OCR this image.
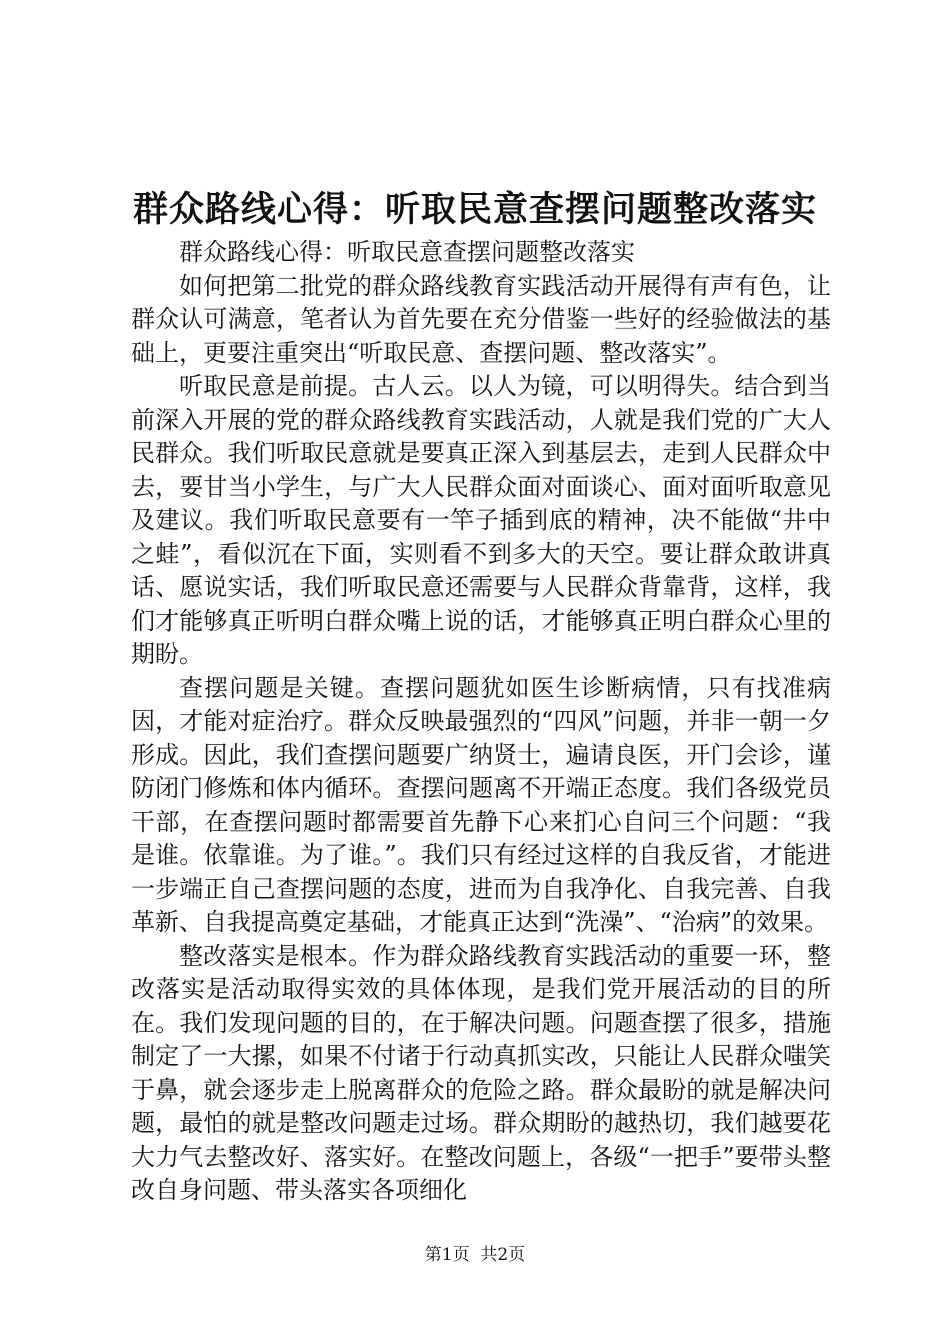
群众路线心得：听取民意查摆问题整改落实

群众路线心得：听取民意查摆问题整改落实

如何把第二批党的群众路线教育实践活动开展得有声有色，让群众认可满意，笔者认为首先要在充分借鉴一些好的经验做法的基础上，更要注重突出“听取民意、查摆问题、整改落实”。

听取民意是前提。古人云。以人为镜，可以明得失。结合到当前深入开展的党的群众路线教育实践活动，人就是我们党的广大人民群众。我们听取民意就是要真正深入到基层去，走到人民群众中去，要甘当小学生，与广大人民群众面对面谈心、面对面听取意见及建议。我们听取民意要有一竿子插到底的精神，决不能做“井中之蛙”，看似沉在下面，实则看不到多大的天空。要让群众敢讲真话、愿说实话，我们听取民意还需要与人民群众背靠背，这样，我们才能够真正听明白群众嘴上说的话，才能够真正明白群众心里的期盼。

查摆问题是关键。查摆问题犹如医生诊断病情，只有找准病因，才能对症治疗。群众反映最强烈的“四风”问题，并非一朝一夕形成。因此，我们查摆问题要广纳贤士，遍请良医，开门会诊，谨防闭门修炼和体内循环。查摆问题离不开端正态度。我们各级党员干部，在查摆问题时都需要首先静下心来扪心自问三个问题：“我是谁。依靠谁。为了谁。”。我们只有经过这样的自我反省，才能进一步端正自己查摆问题的态度，进而为自我净化、自我完善、自我革新、自我提高奠定基础，才能真正达到“洗澡”、“治病”的效果。

整改落实是根本。作为群众路线教育实践活动的重要一环，整改落实是活动取得实效的具体体现，是我们党开展活动的目的所在。我们发现问题的目的，在于解决问题。问题查摆了很多，措施制定了一大摞，如果不付诸于行动真抓实改，只能让人民群众嗤笑于鼻，就会逐步走上脱离群众的危险之路。群众最盼的就是解决问题，最怕的就是整改问题走过场。群众期盼的越热切，我们越要花大力气去整改好、落实好。在整改问题上，各级“一把手”要带头整改自身问题、带头落实各项细化

第1页 共2页
